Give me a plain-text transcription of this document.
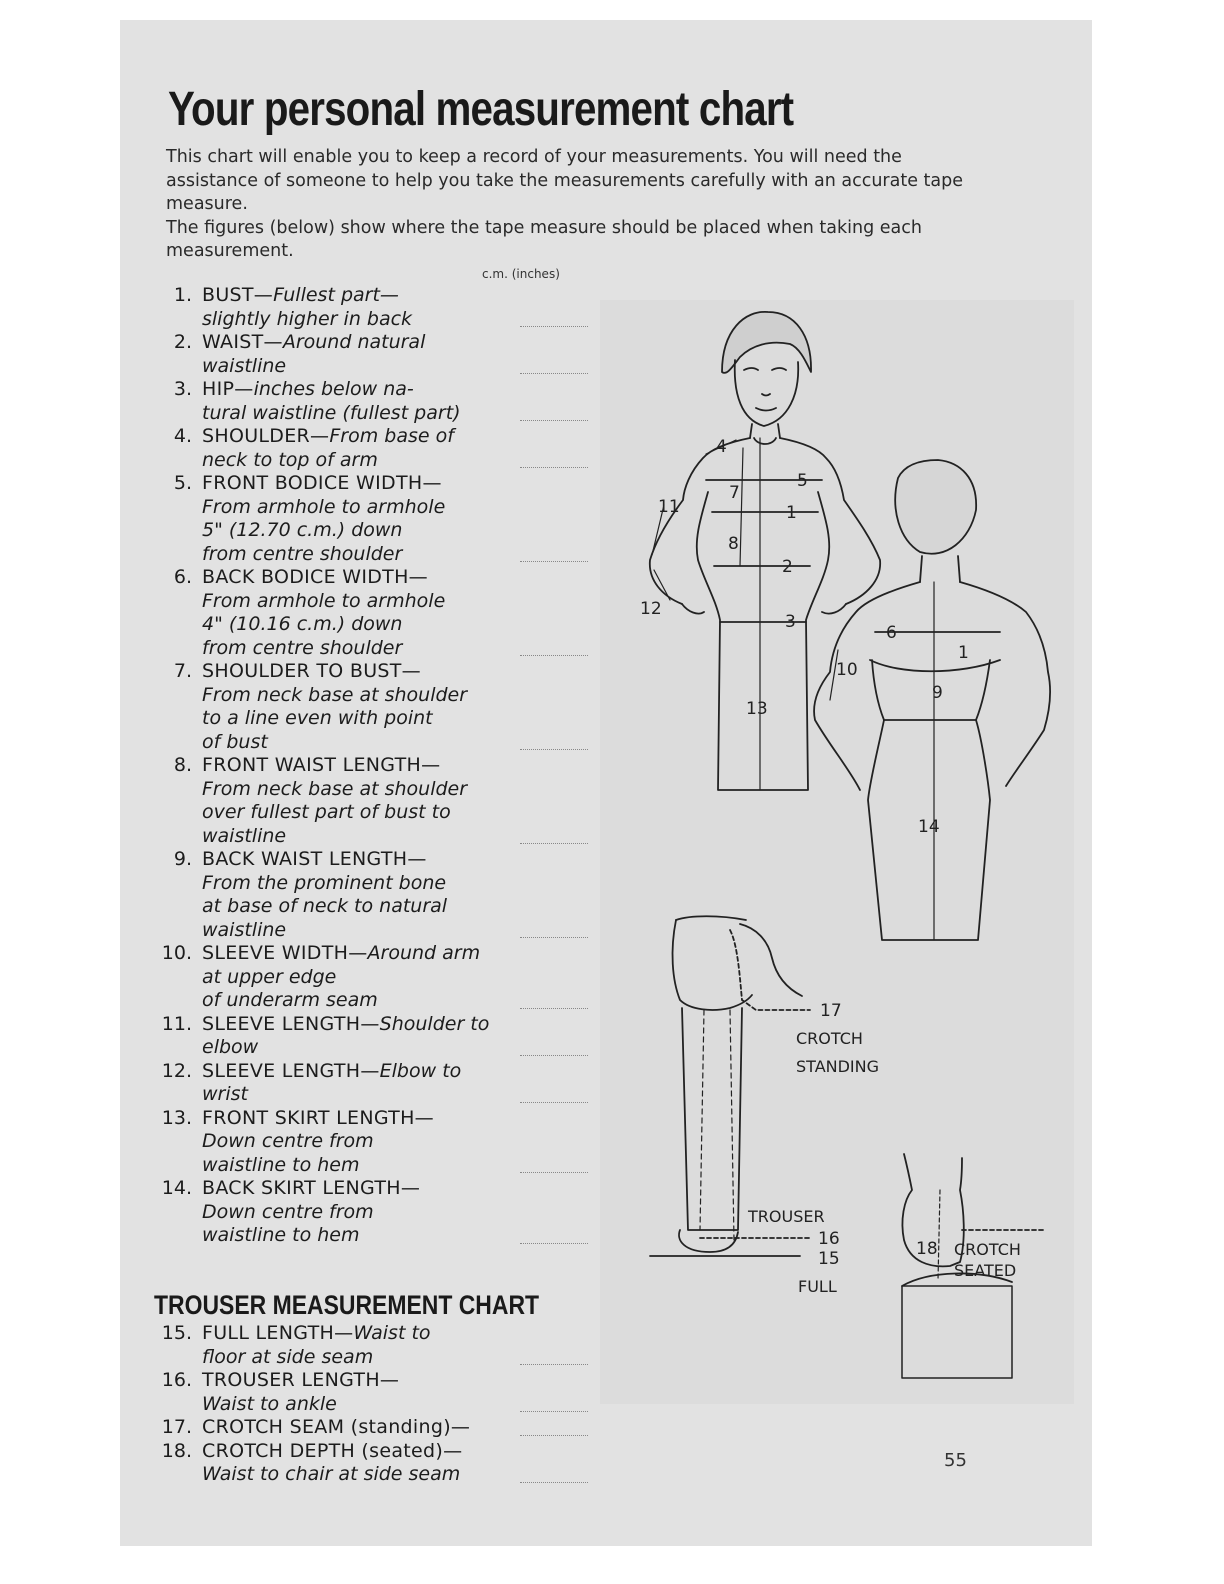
Your personal measurement chart

This chart will enable you to keep a record of your measurements. You will need the assistance of someone to help you take the measurements carefully with an accurate tape measure.

The figures (below) show where the tape measure should be placed when taking each measurement.

c.m. (inches)
1. BUST—Fullest part—
slightly higher in back
2. WAIST—Around natural
waistline
3. HIP—inches below na-
tural waistline (fullest part)
4. SHOULDER—From base of
neck to top of arm
5. FRONT BODICE WIDTH—
From armhole to armhole
5" (12.70 c.m.) down
from centre shoulder
6. BACK BODICE WIDTH—
From armhole to armhole
4" (10.16 c.m.) down
from centre shoulder
7. SHOULDER TO BUST—
From neck base at shoulder
to a line even with point
of bust
8. FRONT WAIST LENGTH—
From neck base at shoulder
over fullest part of bust to
waistline
9. BACK WAIST LENGTH—
From the prominent bone
at base of neck to natural
waistline
10. SLEEVE WIDTH—Around arm at upper edge
of underarm seam
11. SLEEVE LENGTH—Shoulder to elbow
12. SLEEVE LENGTH—Elbow to wrist
13. FRONT SKIRT LENGTH—
Down centre from
waistline to hem
14. BACK SKIRT LENGTH—
Down centre from
waistline to hem
TROUSER MEASUREMENT CHART
15. FULL LENGTH—Waist to
floor at side seam
16. TROUSER LENGTH—
Waist to ankle
17. CROTCH SEAM (standing)—
18. CROTCH DEPTH (seated)—
Waist to chair at side seam
1
2
3
4
5
7
8
11
12
13
1
6
9
10
14
17
CROTCH
STANDING
TROUSER
16
15
FULL
18 CROTCH
SEATED
55
